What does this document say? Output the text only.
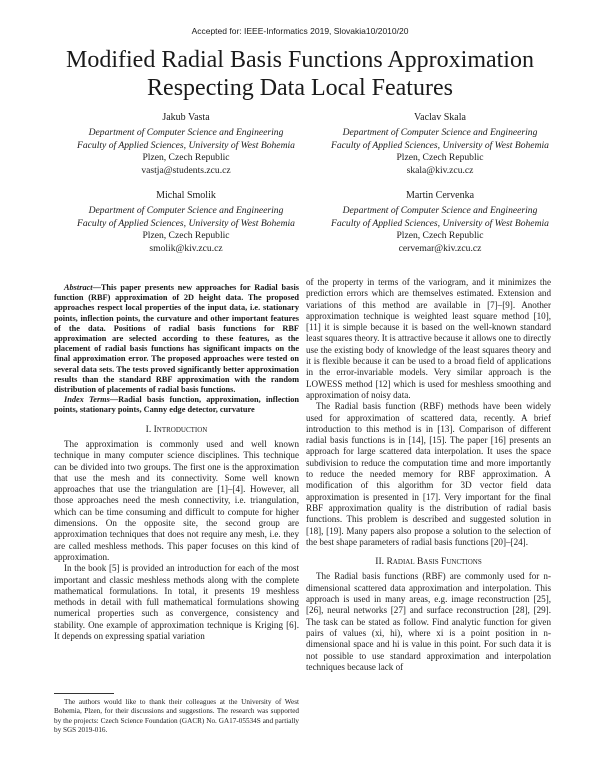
Accepted for: IEEE-Informatics 2019, Slovakia10/2010/20
Modified Radial Basis Functions Approximation
Respecting Data Local Features
Jakub Vasta
Department of Computer Science and Engineering
Faculty of Applied Sciences, University of West Bohemia
Plzen, Czech Republic
vastja@students.zcu.cz
Vaclav Skala
Department of Computer Science and Engineering
Faculty of Applied Sciences, University of West Bohemia
Plzen, Czech Republic
skala@kiv.zcu.cz
Michal Smolik
Department of Computer Science and Engineering
Faculty of Applied Sciences, University of West Bohemia
Plzen, Czech Republic
smolik@kiv.zcu.cz
Martin Cervenka
Department of Computer Science and Engineering
Faculty of Applied Sciences, University of West Bohemia
Plzen, Czech Republic
cervemar@kiv.zcu.cz

Abstract—This paper presents new approaches for Radial basis function (RBF) approximation of 2D height data. The proposed approaches respect local properties of the input data, i.e. stationary points, inflection points, the curvature and other important features of the data. Positions of radial basis functions for RBF approximation are selected according to these features, as the placement of radial basis functions has significant impacts on the final approximation error. The proposed approaches were tested on several data sets. The tests proved significantly better approximation results than the standard RBF approximation with the random distribution of placements of radial basis functions.

Index Terms—Radial basis function, approximation, inflection points, stationary points, Canny edge detector, curvature

I. Introduction

The approximation is commonly used and well known technique in many computer science disciplines. This technique can be divided into two groups. The first one is the approximation that use the mesh and its connectivity. Some well known approaches that use the triangulation are [1]–[4]. However, all those approaches need the mesh connectivity, i.e. triangulation, which can be time consuming and difficult to compute for higher dimensions. On the opposite site, the second group are approximation techniques that does not require any mesh, i.e. they are called meshless methods. This paper focuses on this kind of approximation.

In the book [5] is provided an introduction for each of the most important and classic meshless methods along with the complete mathematical formulations. In total, it presents 19 meshless methods in detail with full mathematical formulations showing numerical properties such as convergence, consistency and stability. One example of approximation technique is Kriging [6]. It depends on expressing spatial variation

The authors would like to thank their colleagues at the University of West Bohemia, Plzen, for their discussions and suggestions. The research was supported by the projects: Czech Science Foundation (GACR) No. GA17-05534S and partially by SGS 2019-016.

of the property in terms of the variogram, and it minimizes the prediction errors which are themselves estimated. Extension and variations of this method are available in [7]–[9]. Another approximation technique is weighted least square method [10], [11] it is simple because it is based on the well-known standard least squares theory. It is attractive because it allows one to directly use the existing body of knowledge of the least squares theory and it is flexible because it can be used to a broad field of applications in the error-invariable models. Very similar approach is the LOWESS method [12] which is used for meshless smoothing and approximation of noisy data.

The Radial basis function (RBF) methods have been widely used for approximation of scattered data, recently. A brief introduction to this method is in [13]. Comparison of different radial basis functions is in [14], [15]. The paper [16] presents an approach for large scattered data interpolation. It uses the space subdivision to reduce the computation time and more importantly to reduce the needed memory for RBF approximation. A modification of this algorithm for 3D vector field data approximation is presented in [17]. Very important for the final RBF approximation quality is the distribution of radial basis functions. This problem is described and suggested solution in [18], [19]. Many papers also propose a solution to the selection of the best shape parameters of radial basis functions [20]–[24].

II. Radial Basis Functions

The Radial basis functions (RBF) are commonly used for n-dimensional scattered data approximation and interpolation. This approach is used in many areas, e.g. image reconstruction [25], [26], neural networks [27] and surface reconstruction [28], [29]. The task can be stated as follow. Find analytic function for given pairs of values (xi, hi), where xi is a point position in n-dimensional space and hi is value in this point. For such data it is not possible to use standard approximation and interpolation techniques because lack of
